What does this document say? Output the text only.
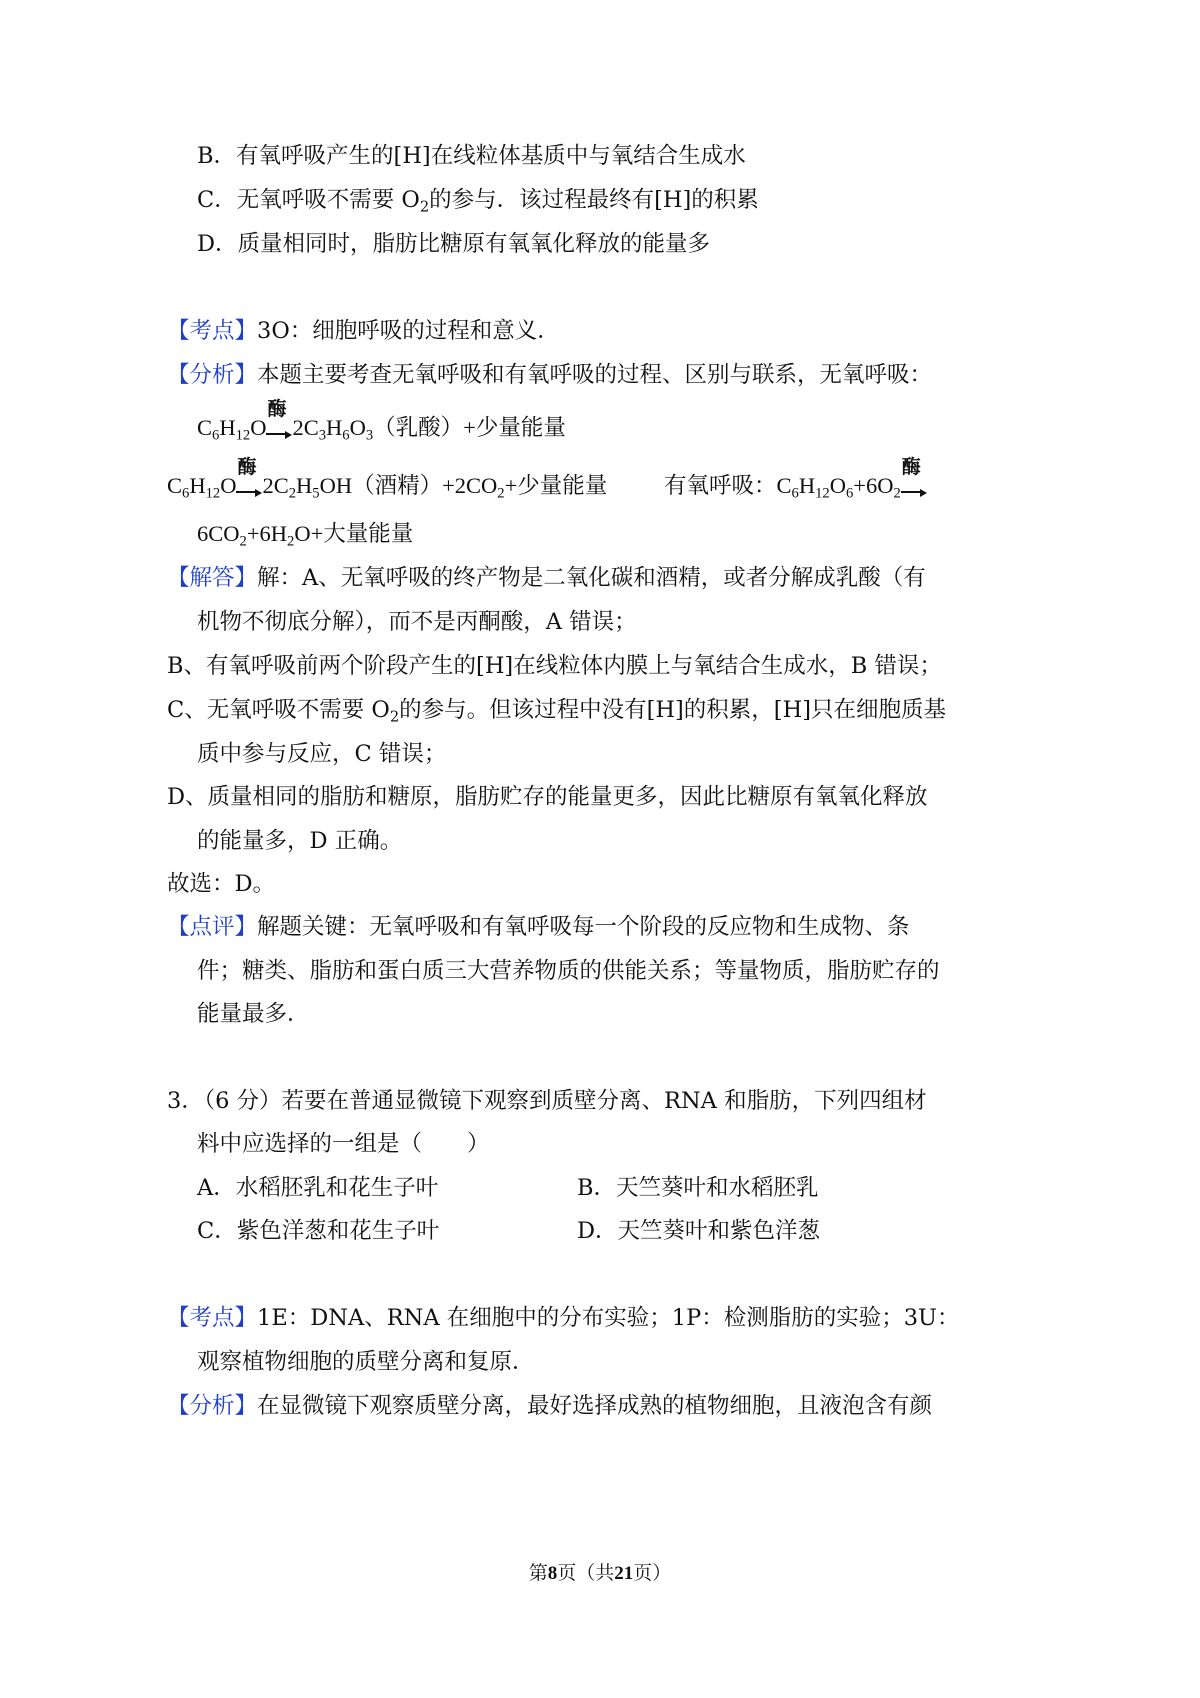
B．有氧呼吸产生的[H]在线粒体基质中与氧结合生成水
C．无氧呼吸不需要 $O_2$的参与．该过程最终有[H]的积累
D．质量相同时，脂肪比糖原有氧氧化释放的能量多
【考点】3O：细胞呼吸的过程和意义．
【分析】本题主要考查无氧呼吸和有氧呼吸的过程、区别与联系，无氧呼吸：
$C_6H_{12}O$
酶
$2C_3H_6O_3$（乳酸）+少量能量
$C_6H_{12}O$
酶
$2C_2H_5OH$（酒精）$+2CO_2+$少量能量	有氧呼吸：$C_6H_{12}O_6+6O_2$
酶
$6CO_2+6H_2O+$大量能量
【解答】解：A、无氧呼吸的终产物是二氧化碳和酒精，或者分解成乳酸（有
机物不彻底分解），而不是丙酮酸，A 错误；
B、有氧呼吸前两个阶段产生的[H]在线粒体内膜上与氧结合生成水，B 错误；
C、无氧呼吸不需要 $O_2$的参与。但该过程中没有[H]的积累，[H]只在细胞质基
质中参与反应，C 错误；
D、质量相同的脂肪和糖原，脂肪贮存的能量更多，因此比糖原有氧氧化释放
的能量多，D 正确。
故选：D。
【点评】解题关键：无氧呼吸和有氧呼吸每一个阶段的反应物和生成物、条
件；糖类、脂肪和蛋白质三大营养物质的供能关系；等量物质，脂肪贮存的
能量最多．
3．（6 分）若要在普通显微镜下观察到质壁分离、RNA 和脂肪，下列四组材
料中应选择的一组是（　　）
A．水稻胚乳和花生子叶	B．天竺葵叶和水稻胚乳
C．紫色洋葱和花生子叶	D．天竺葵叶和紫色洋葱
【考点】1E：DNA、RNA 在细胞中的分布实验；1P：检测脂肪的实验；3U：
观察植物细胞的质壁分离和复原．
【分析】在显微镜下观察质壁分离，最好选择成熟的植物细胞，且液泡含有颜
第8页（共21页）
